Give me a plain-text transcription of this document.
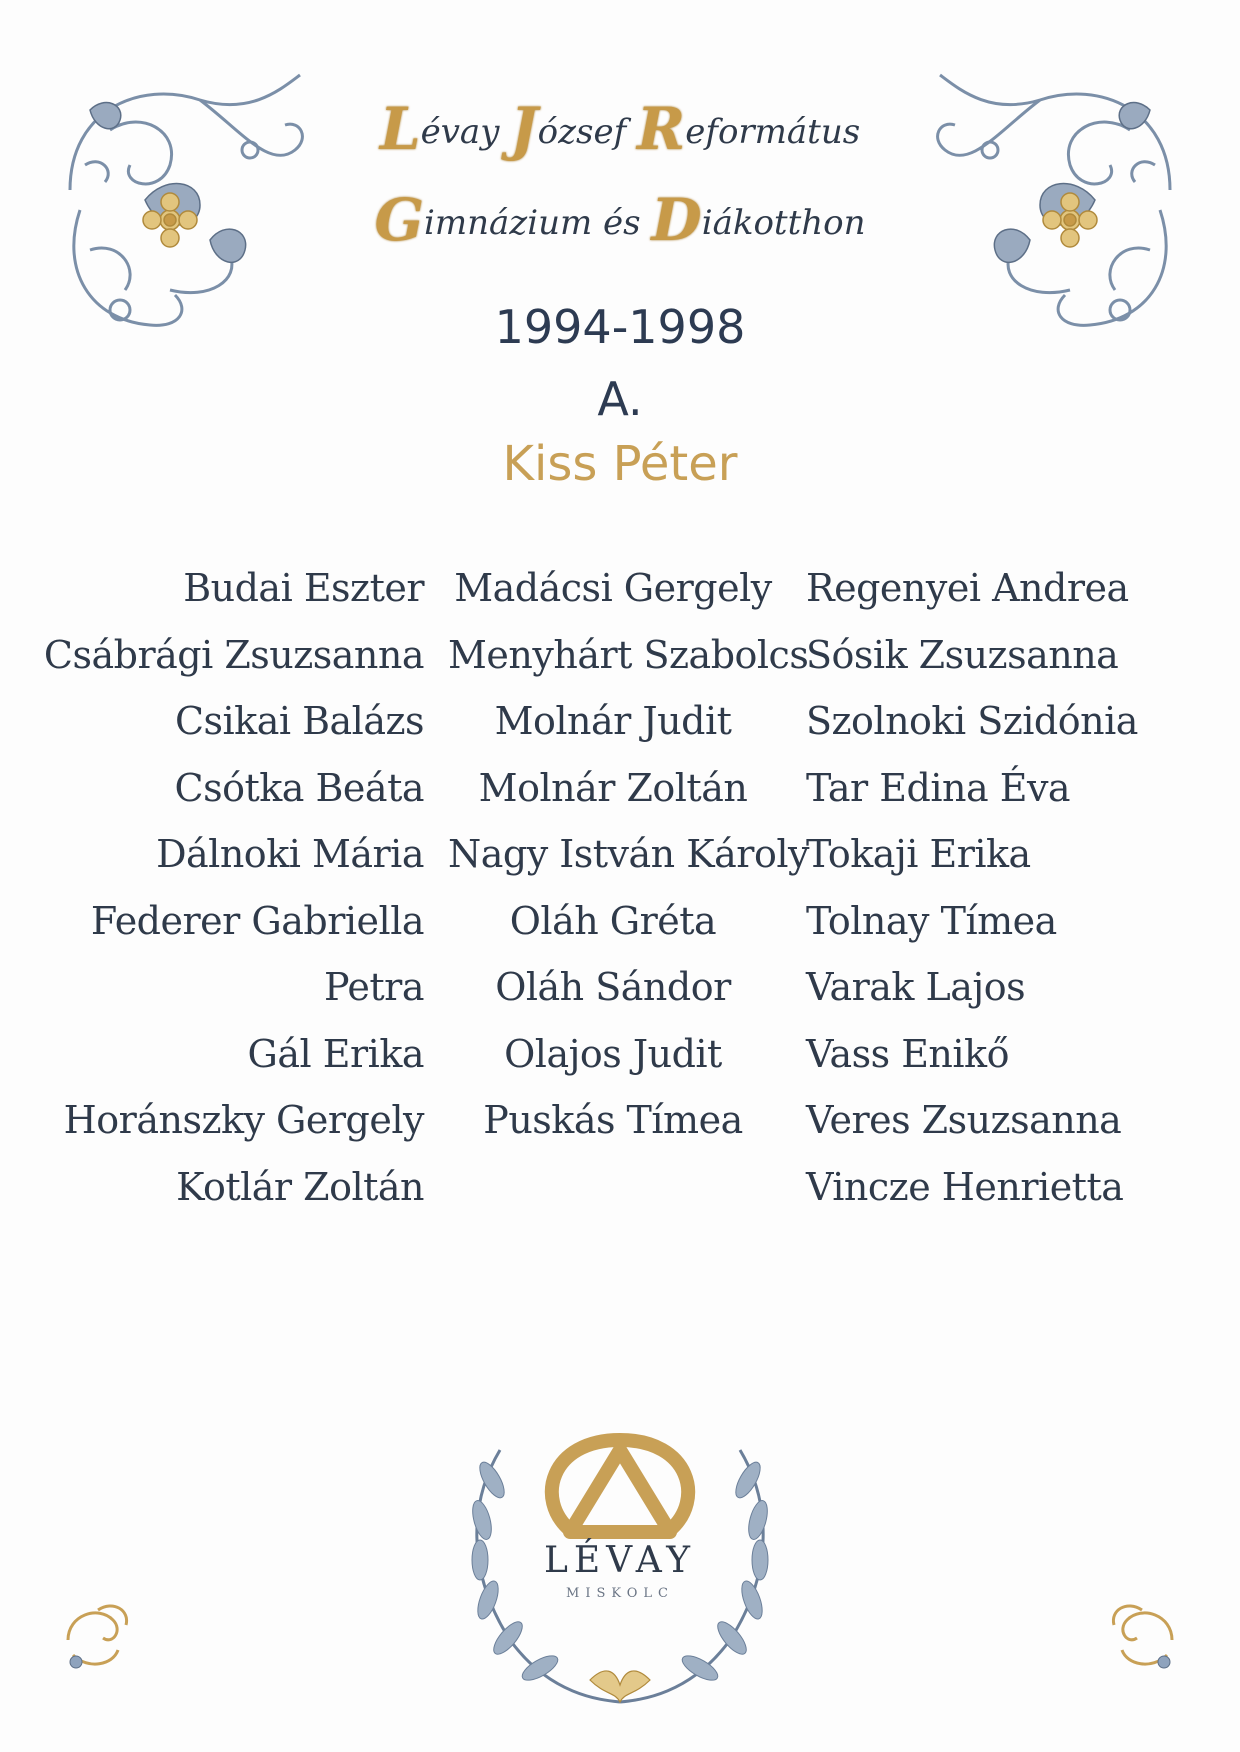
Lévay József Református
Gimnázium és Diákotthon
1994-1998
A.
Kiss Péter
Budai Eszter
Csábrági Zsuzsanna
Csikai Balázs
Csótka Beáta
Dálnoki Mária
Federer Gabriella
Petra
Gál Erika
Horánszky Gergely
Kotlár Zoltán
Madácsi Gergely
Menyhárt Szabolcs
Molnár Judit
Molnár Zoltán
Nagy István Károly
Oláh Gréta
Oláh Sándor
Olajos Judit
Puskás Tímea
Regenyei Andrea
Sósik Zsuzsanna
Szolnoki Szidónia
Tar Edina Éva
Tokaji Erika
Tolnay Tímea
Varak Lajos
Vass Enikő
Veres Zsuzsanna
Vincze Henrietta
LÉVAY
MISKOLC
